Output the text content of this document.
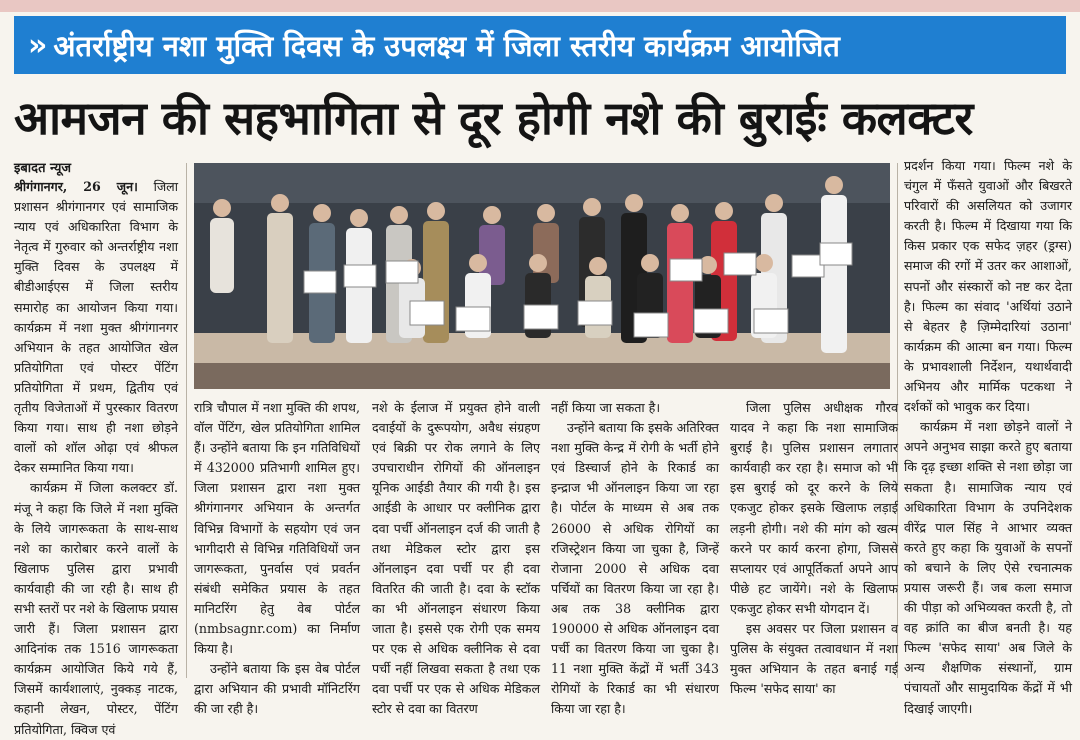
» अंतर्राष्ट्रीय नशा मुक्ति दिवस के उपलक्ष्य में जिला स्तरीय कार्यक्रम आयोजित
आमजन की सहभागिता से दूर होगी नशे की बुराईः कलक्टर
इबादत न्यूज

श्रीगंगानगर, 26 जून। जिला प्रशासन श्रीगंगानगर एवं सामाजिक न्याय एवं अधिकारिता विभाग के नेतृत्व में गुरुवार को अन्तर्राष्ट्रीय नशा मुक्ति दिवस के उपलक्ष्य में बीडीआईएस में जिला स्तरीय समारोह का आयोजन किया गया। कार्यक्रम में नशा मुक्त श्रीगंगानगर अभियान के तहत आयोजित खेल प्रतियोगिता एवं पोस्टर पेंटिंग प्रतियोगिता में प्रथम, द्वितीय एवं तृतीय विजेताओं में पुरस्कार वितरण किया गया। साथ ही नशा छोड़ने वालों को शॉल ओढ़ा एवं श्रीफल देकर सम्मानित किया गया।

कार्यक्रम में जिला कलक्टर डॉ. मंजू ने कहा कि जिले में नशा मुक्ति के लिये जागरूकता के साथ-साथ नशे का कारोबार करने वालों के खिलाफ पुलिस द्वारा प्रभावी कार्यवाही की जा रही है। साथ ही सभी स्तरों पर नशे के खिलाफ प्रयास जारी हैं। जिला प्रशासन द्वारा आदिनांक तक 1516 जागरूकता कार्यक्रम आयोजित किये गये हैं, जिसमें कार्यशालाएं, नुक्कड़ नाटक, कहानी लेखन, पोस्टर, पेंटिंग प्रतियोगिता, क्विज एवं

रात्रि चौपाल में नशा मुक्ति की शपथ, वॉल पेंटिंग, खेल प्रतियोगिता शामिल हैं। उन्होंने बताया कि इन गतिविधियों में 432000 प्रतिभागी शामिल हुए। जिला प्रशासन द्वारा नशा मुक्त श्रीगंगानगर अभियान के अन्तर्गत विभिन्न विभागों के सहयोग एवं जन भागीदारी से विभिन्न गतिविधियों जन जागरूकता, पुनर्वास एवं प्रवर्तन संबंधी समेकित प्रयास के तहत मानिटरिंग हेतु वेब पोर्टल (nmbsagnr.com) का निर्माण किया है।

उन्होंने बताया कि इस वेब पोर्टल द्वारा अभियान की प्रभावी मॉनिटरिंग की जा रही है।

नशे के ईलाज में प्रयुक्त होने वाली दवाईयों के दुरूपयोग, अवैध संग्रहण एवं बिक्री पर रोक लगाने के लिए उपचाराधीन रोगियों की ऑनलाइन यूनिक आईडी तैयार की गयी है। इस आईडी के आधार पर क्लीनिक द्वारा दवा पर्ची ऑनलाइन दर्ज की जाती है तथा मेडिकल स्टोर द्वारा इस ऑनलाइन दवा पर्ची पर ही दवा वितरित की जाती है। दवा के स्टॉक का भी ऑनलाइन संधारण किया जाता है। इससे एक रोगी एक समय पर एक से अधिक क्लीनिक से दवा पर्ची नहीं लिखवा सकता है तथा एक दवा पर्ची पर एक से अधिक मेडिकल स्टोर से दवा का वितरण

नहीं किया जा सकता है।

उन्होंने बताया कि इसके अतिरिक्त नशा मुक्ति केन्द्र में रोगी के भर्ती होने एवं डिस्चार्ज होने के रिकार्ड का इन्द्राज भी ऑनलाइन किया जा रहा है। पोर्टल के माध्यम से अब तक 26000 से अधिक रोगियों का रजिस्ट्रेशन किया जा चुका है, जिन्हें रोजाना 2000 से अधिक दवा पर्चियों का वितरण किया जा रहा है। अब तक 38 क्लीनिक द्वारा 190000 से अधिक ऑनलाइन दवा पर्ची का वितरण किया जा चुका है। 11 नशा मुक्ति केंद्रों में भर्ती 343 रोगियों के रिकार्ड का भी संधारण किया जा रहा है।

जिला पुलिस अधीक्षक गौरव यादव ने कहा कि नशा सामाजिक बुराई है। पुलिस प्रशासन लगातार कार्यवाही कर रहा है। समाज को भी इस बुराई को दूर करने के लिये एकजुट होकर इसके खिलाफ लड़ाई लड़नी होगी। नशे की मांग को खत्म करने पर कार्य करना होगा, जिससे सप्लायर एवं आपूर्तिकर्ता अपने आप पीछे हट जायेंगे। नशे के खिलाफ एकजुट होकर सभी योगदान दें।

इस अवसर पर जिला प्रशासन व पुलिस के संयुक्त तत्वावधान में नशा मुक्त अभियान के तहत बनाई गई फिल्म 'सफेद साया' का

प्रदर्शन किया गया। फिल्म नशे के चंगुल में फँसते युवाओं और बिखरते परिवारों की असलियत को उजागर करती है। फिल्म में दिखाया गया कि किस प्रकार एक सफेद ज़हर (ड्रग्स) समाज की रगों में उतर कर आशाओं, सपनों और संस्कारों को नष्ट कर देता है। फिल्म का संवाद 'अर्थियां उठाने से बेहतर है ज़िम्मेदारियां उठाना' कार्यक्रम की आत्मा बन गया। फिल्म के प्रभावशाली निर्देशन, यथार्थवादी अभिनय और मार्मिक पटकथा ने दर्शकों को भावुक कर दिया।

कार्यक्रम में नशा छोड़ने वालों ने अपने अनुभव साझा करते हुए बताया कि दृढ़ इच्छा शक्ति से नशा छोड़ा जा सकता है। सामाजिक न्याय एवं अधिकारिता विभाग के उपनिदेशक वीरेंद्र पाल सिंह ने आभार व्यक्त करते हुए कहा कि युवाओं के सपनों को बचाने के लिए ऐसे रचनात्मक प्रयास जरूरी हैं। जब कला समाज की पीड़ा को अभिव्यक्त करती है, तो वह क्रांति का बीज बनती है। यह फिल्म 'सफेद साया' अब जिले के अन्य शैक्षणिक संस्थानों, ग्राम पंचायतों और सामुदायिक केंद्रों में भी दिखाई जाएगी।
